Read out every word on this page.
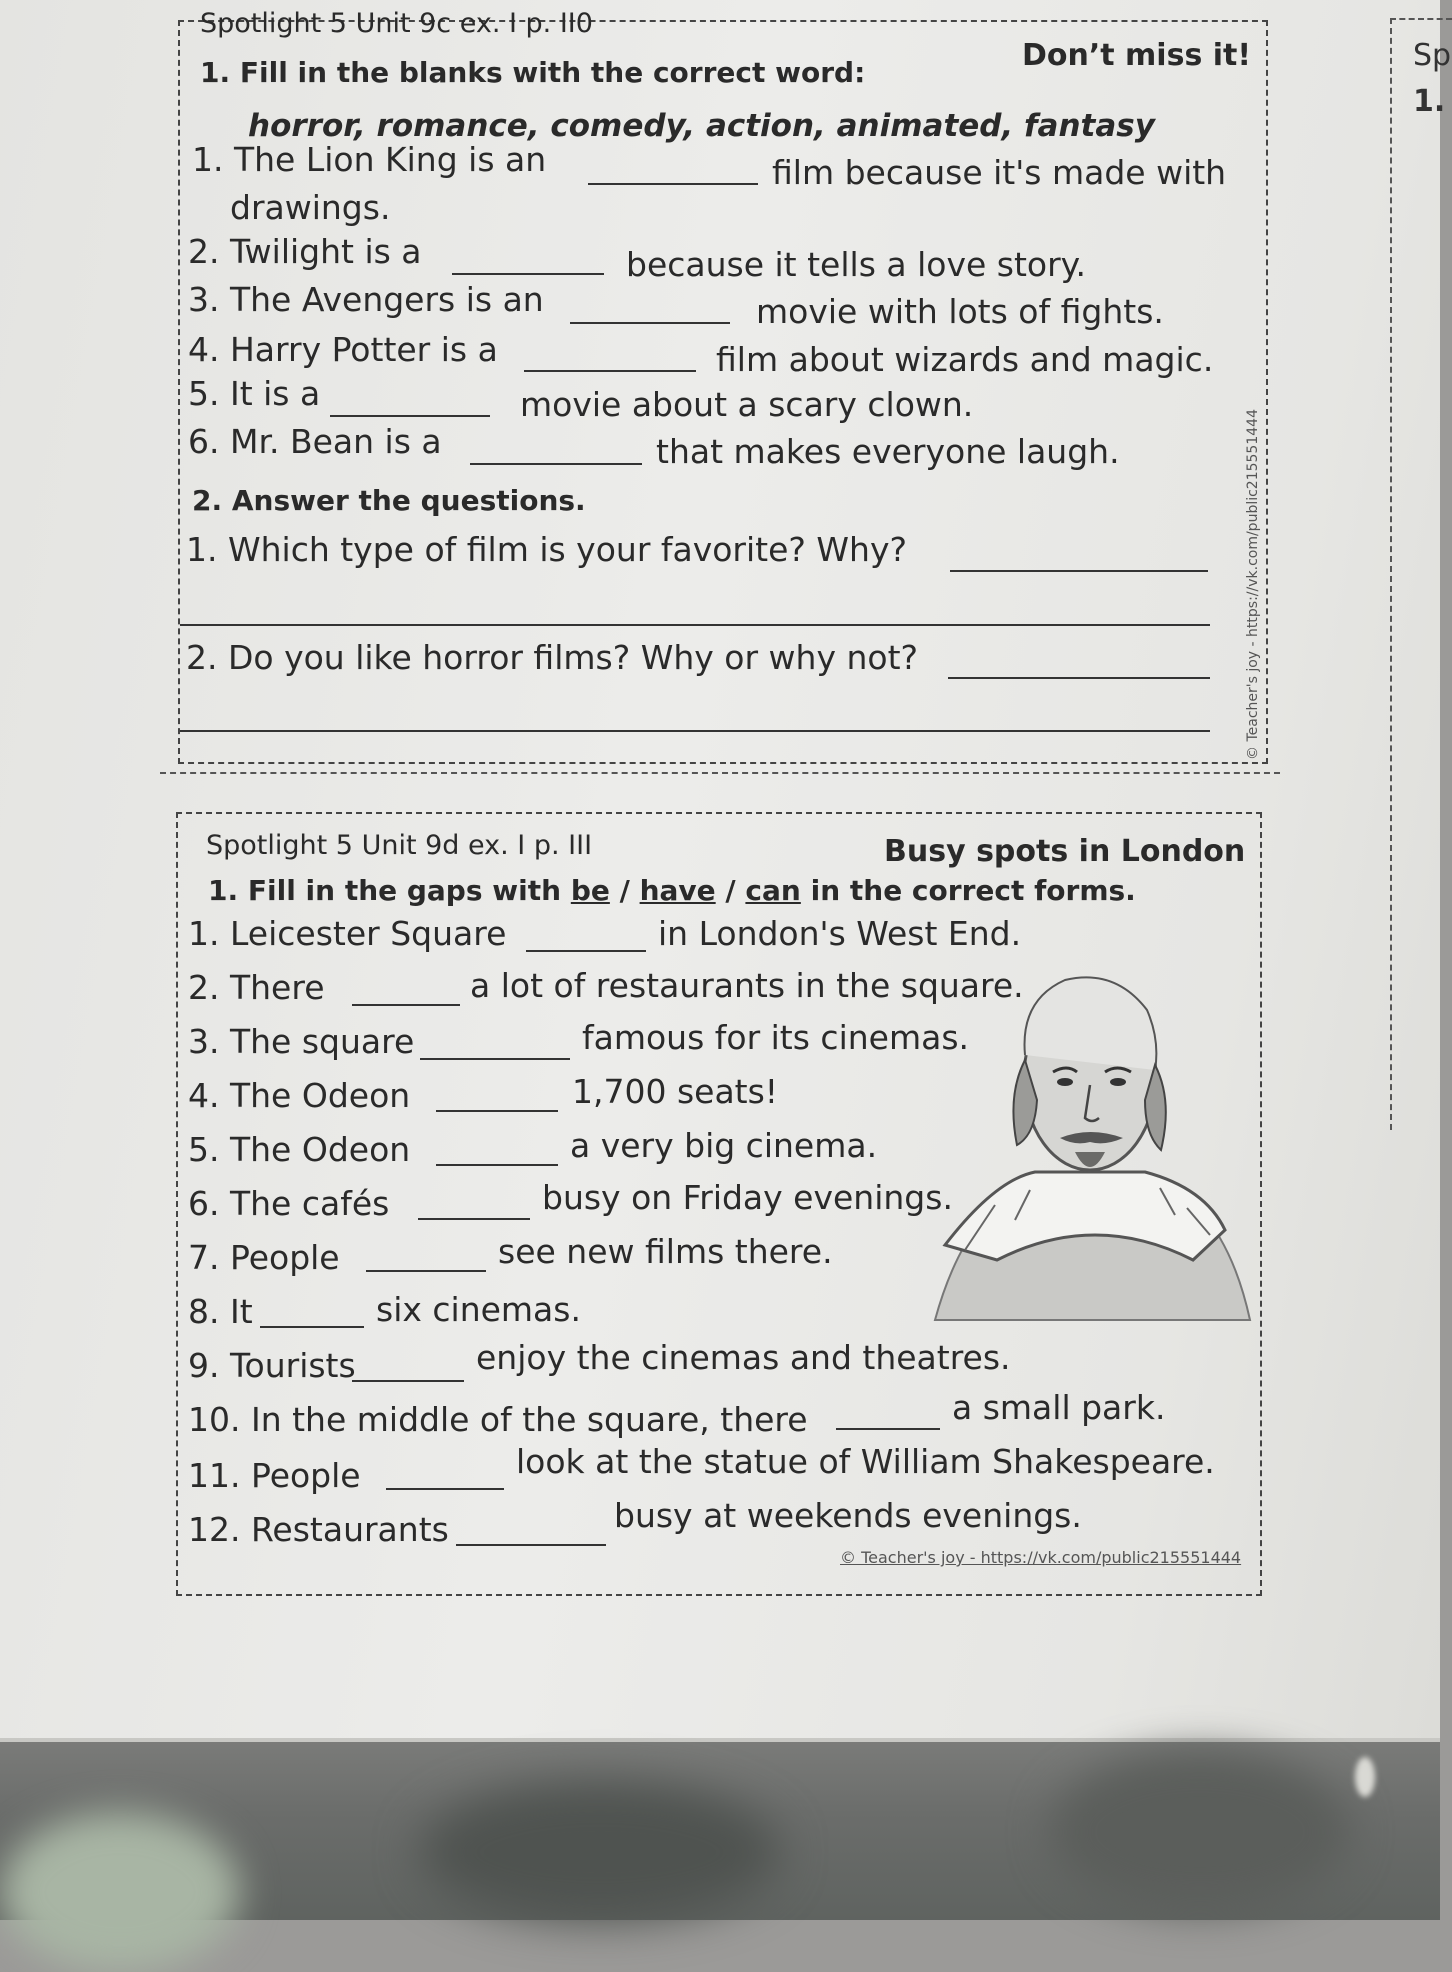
Sp
1.
Spotlight 5 Unit 9c ex. I p. II0
Don’t miss it!
1. Fill in the blanks with the correct word:
horror, romance, comedy, action, animated, fantasy
1. The Lion King is an	film because it's made with
drawings.
2. Twilight is a	because it tells a love story.
3. The Avengers is an	movie with lots of fights.
4. Harry Potter is a	film about wizards and magic.
5. It is a	movie about a scary clown.
6. Mr. Bean is a	that makes everyone laugh.
2. Answer the questions.
1. Which type of film is your favorite? Why?
2. Do you like horror films? Why or why not?	© Teacher's joy - https://vk.com/public215551444
Spotlight 5 Unit 9d ex. I p. III	Busy spots in London
1. Fill in the gaps with be / have / can in the correct forms.
1. Leicester Square	in London's West End.
2. There	a lot of restaurants in the square.
3. The square	famous for its cinemas.
4. The Odeon	1,700 seats!
5. The Odeon	a very big cinema.
6. The cafés	busy on Friday evenings.
7. People	see new films there.
8. It	six cinemas.
9. Tourists	enjoy the cinemas and theatres.
10. In the middle of the square, there	a small park.
11. People	look at the statue of William Shakespeare.
12. Restaurants	busy at weekends evenings.
© Teacher's joy - https://vk.com/public215551444
